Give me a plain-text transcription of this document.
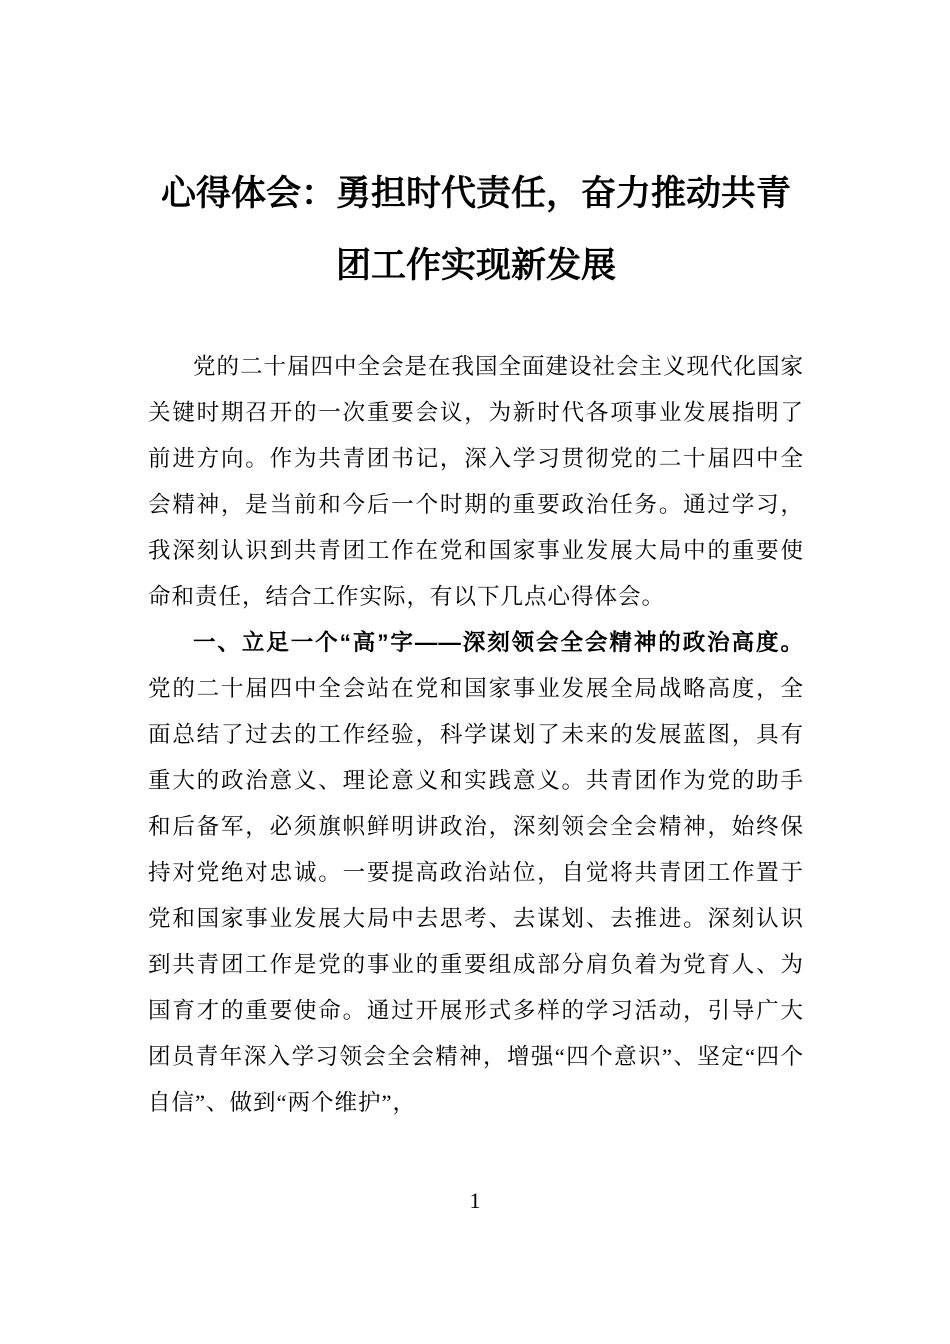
心得体会：勇担时代责任，奋力推动共青
团工作实现新发展

党的二十届四中全会是在我国全面建设社会主义现代化国家关键时期召开的一次重要会议，为新时代各项事业发展指明了前进方向。作为共青团书记，深入学习贯彻党的二十届四中全会精神，是当前和今后一个时期的重要政治任务。通过学习，我深刻认识到共青团工作在党和国家事业发展大局中的重要使命和责任，结合工作实际，有以下几点心得体会。

一、立足一个“高”字——深刻领会全会精神的政治高度。党的二十届四中全会站在党和国家事业发展全局战略高度，全面总结了过去的工作经验，科学谋划了未来的发展蓝图，具有重大的政治意义、理论意义和实践意义。共青团作为党的助手和后备军，必须旗帜鲜明讲政治，深刻领会全会精神，始终保持对党绝对忠诚。一要提高政治站位，自觉将共青团工作置于党和国家事业发展大局中去思考、去谋划、去推进。深刻认识到共青团工作是党的事业的重要组成部分肩负着为党育人、为国育才的重要使命。通过开展形式多样的学习活动，引导广大团员青年深入学习领会全会精神，增强“四个意识”、坚定“四个自信”、做到“两个维护”，

1
